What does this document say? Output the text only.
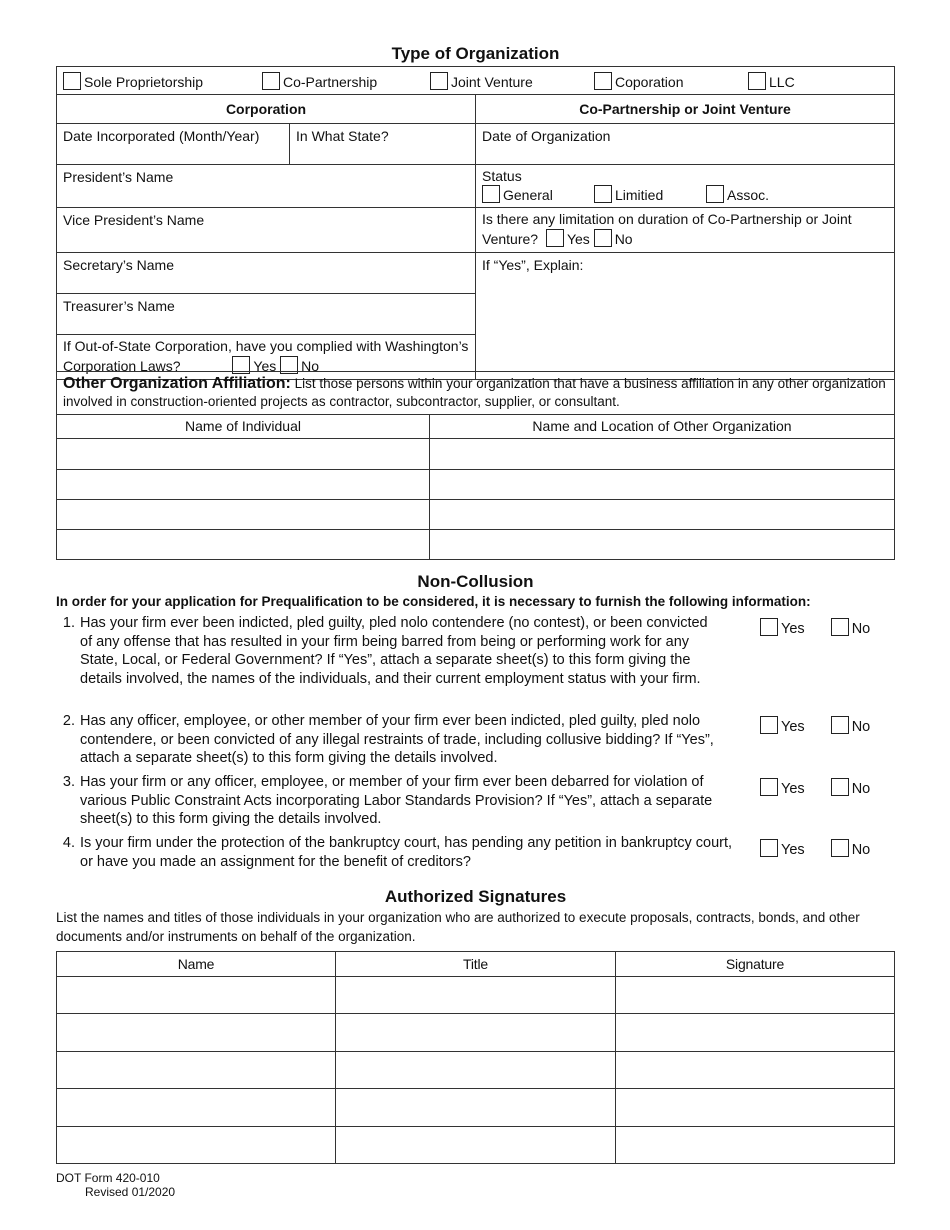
Type of Organization
Sole Proprietorship Co-Partnership Joint Venture Coporation LLC		

Corporation		Co-Partnership or Joint Venture

Date Incorporated (Month/Year)	In What State?	Date of Organization

President’s Name		Status
General Limitied Assoc.

Vice President’s Name		Is there any limitation on duration of Co-Partnership or Joint Venture? Yes No

Secretary’s Name		If “Yes”, Explain:

Treasurer’s Name		

If Out-of-State Corporation, have you complied with Washington’s Corporation Laws? Yes No		
Other Organization Affiliation: List those persons within your organization that have a business affiliation in any other organization involved in construction-oriented projects as contractor, subcontractor, supplier, or consultant.	

Name of Individual	Name and Location of Other Organization

Non-Collusion
In order for your application for Prequalification to be considered, it is necessary to furnish the following information:
1. Has your firm ever been indicted, pled guilty, pled nolo contendere (no contest), or been convicted of any offense that has resulted in your firm being barred from being or performing work for any State, Local, or Federal Government? If “Yes”, attach a separate sheet(s) to this form giving the details involved, the names of the individuals, and their current employment status with your firm.
Yes	No
2. Has any officer, employee, or other member of your firm ever been indicted, pled guilty, pled nolo contendere, or been convicted of any illegal restraints of trade, including collusive bidding? If “Yes”, attach a separate sheet(s) to this form giving the details involved.
Yes	No
3. Has your firm or any officer, employee, or member of your firm ever been debarred for violation of various Public Constraint Acts incorporating Labor Standards Provision? If “Yes”, attach a separate sheet(s) to this form giving the details involved.
Yes	No
4. Is your firm under the protection of the bankruptcy court, has pending any petition in bankruptcy court, or have you made an assignment for the benefit of creditors?
Yes	No
Authorized Signatures
List the names and titles of those individuals in your organization who are authorized to execute proposals, contracts, bonds, and other documents and/or instruments on behalf of the organization.
Name	Title	Signature

DOT Form 420-010
Revised 01/2020
